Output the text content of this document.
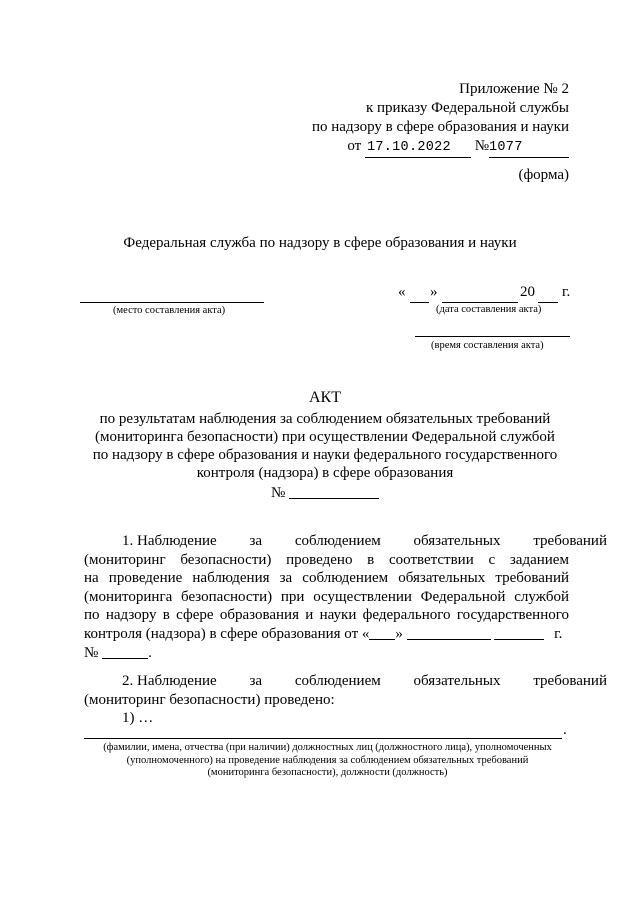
Приложение № 2
к приказу Федеральной службы
по надзору в сфере образования и науки
от 17.10.2022 №1077
(форма)
Федеральная служба по надзору в сфере образования и науки
(место составления акта)
« »	20 г.
(дата составления акта)
(время составления акта)
АКТ
по результатам наблюдения за соблюдением обязательных требований
(мониторинга безопасности) при осуществлении Федеральной службой
по надзору в сфере образования и науки федерального государственного
контроля (надзора) в сфере образования
№
1. Наблюдение за соблюдением обязательных требований
(мониторинг безопасности) проведено в соответствии с заданием
на проведение наблюдения за соблюдением обязательных требований
(мониторинга безопасности) при осуществлении Федеральной службой
по надзору в сфере образования и науки федерального государственного
контроля (надзора) в сфере образования от « »	г.
№	.
2. Наблюдение за соблюдением обязательных требований
(мониторинг безопасности) проведено:
1) …
.
(фамилии, имена, отчества (при наличии) должностных лиц (должностного лица), уполномоченных
(уполномоченного) на проведение наблюдения за соблюдением обязательных требований
(мониторинга безопасности), должности (должность)
